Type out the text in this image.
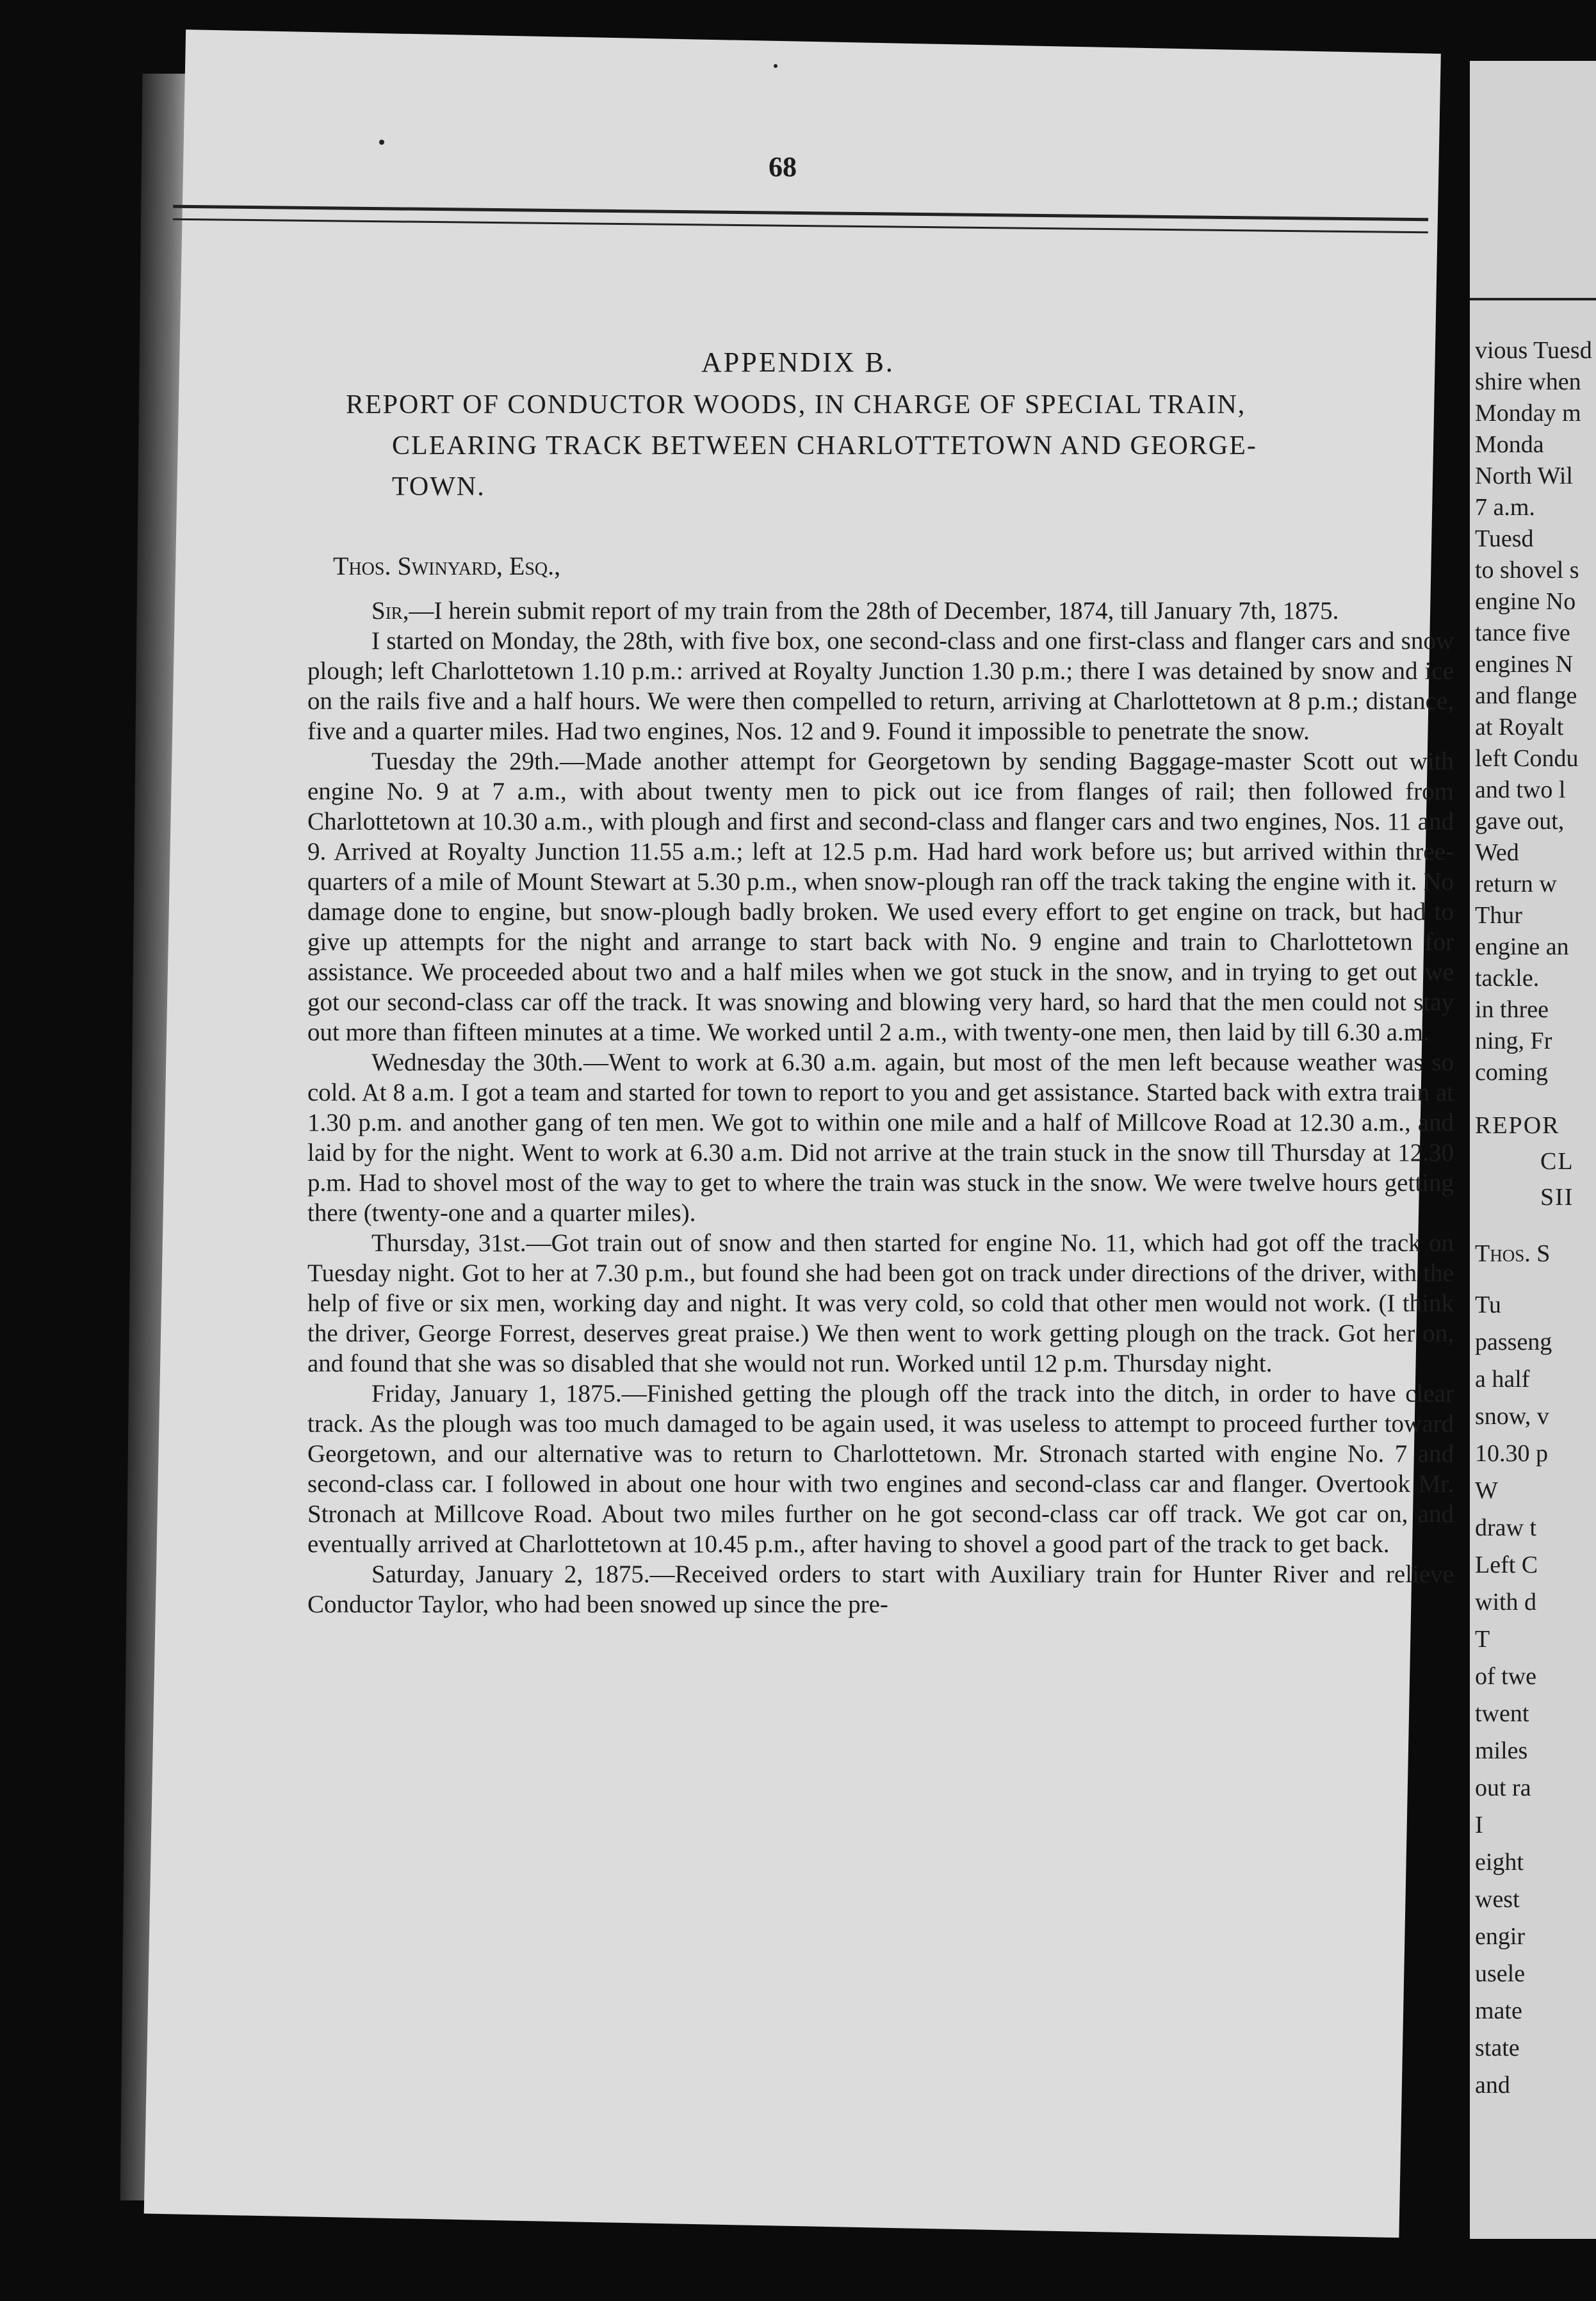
68
APPENDIX B.
REPORT OF CONDUCTOR WOODS, IN CHARGE OF SPECIAL TRAIN,
CLEARING TRACK BETWEEN CHARLOTTETOWN AND GEORGE-
TOWN.
Thos. Swinyard, Esq.,

Sir,—I herein submit report of my train from the 28th of December, 1874, till January 7th, 1875.

I started on Monday, the 28th, with five box, one second-class and one first-class and flanger cars and snow plough; left Charlottetown 1.10 p.m.: arrived at Royalty Junction 1.30 p.m.; there I was detained by snow and ice on the rails five and a half hours. We were then compelled to return, arriving at Charlottetown at 8 p.m.; distance, five and a quarter miles. Had two engines, Nos. 12 and 9. Found it impossible to penetrate the snow.

Tuesday the 29th.—Made another attempt for Georgetown by sending Baggage-master Scott out with engine No. 9 at 7 a.m., with about twenty men to pick out ice from flanges of rail; then followed from Charlottetown at 10.30 a.m., with plough and first and second-class and flanger cars and two engines, Nos. 11 and 9. Arrived at Royalty Junction 11.55 a.m.; left at 12.5 p.m. Had hard work before us; but arrived within three-quarters of a mile of Mount Stewart at 5.30 p.m., when snow-plough ran off the track taking the engine with it. No damage done to engine, but snow-plough badly broken. We used every effort to get engine on track, but had to give up attempts for the night and arrange to start back with No. 9 engine and train to Charlottetown for assistance. We proceeded about two and a half miles when we got stuck in the snow, and in trying to get out we got our second-class car off the track. It was snowing and blowing very hard, so hard that the men could not stay out more than fifteen minutes at a time. We worked until 2 a.m., with twenty-one men, then laid by till 6.30 a.m.

Wednesday the 30th.—Went to work at 6.30 a.m. again, but most of the men left because weather was so cold. At 8 a.m. I got a team and started for town to report to you and get assistance. Started back with extra train at 1.30 p.m. and another gang of ten men. We got to within one mile and a half of Millcove Road at 12.30 a.m., and laid by for the night. Went to work at 6.30 a.m. Did not arrive at the train stuck in the snow till Thursday at 12.30 p.m. Had to shovel most of the way to get to where the train was stuck in the snow. We were twelve hours getting there (twenty-one and a quarter miles).

Thursday, 31st.—Got train out of snow and then started for engine No. 11, which had got off the track on Tuesday night. Got to her at 7.30 p.m., but found she had been got on track under directions of the driver, with the help of five or six men, working day and night. It was very cold, so cold that other men would not work. (I think the driver, George Forrest, deserves great praise.) We then went to work getting plough on the track. Got her on, and found that she was so disabled that she would not run. Worked until 12 p.m. Thursday night.

Friday, January 1, 1875.—Finished getting the plough off the track into the ditch, in order to have clear track. As the plough was too much damaged to be again used, it was useless to attempt to proceed further toward Georgetown, and our alternative was to return to Charlottetown. Mr. Stronach started with engine No. 7 and second-class car. I followed in about one hour with two engines and second-class car and flanger. Overtook Mr. Stronach at Millcove Road. About two miles further on he got second-class car off track. We got car on, and eventually arrived at Charlottetown at 10.45 p.m., after having to shovel a good part of the track to get back.

Saturday, January 2, 1875.—Received orders to start with Auxiliary train for Hunter River and relieve Conductor Taylor, who had been snowed up since the pre-

vious Tuesd
shire when
Monday m
Monda
North Wil
7 a.m.
Tuesd
to shovel s
engine No
tance five
engines N
and flange
at Royalt
left Condu
and two l
gave out,
Wed
return w
Thur
engine an
tackle.
in three
ning, Fr
coming
REPOR
CL
SII
Thos. S
Tu
passeng
a half
snow, v
10.30 p
W
draw t
Left C
with d
T
of twe
twent
miles
out ra
I
eight
west
engir
usele
mate
state
and
